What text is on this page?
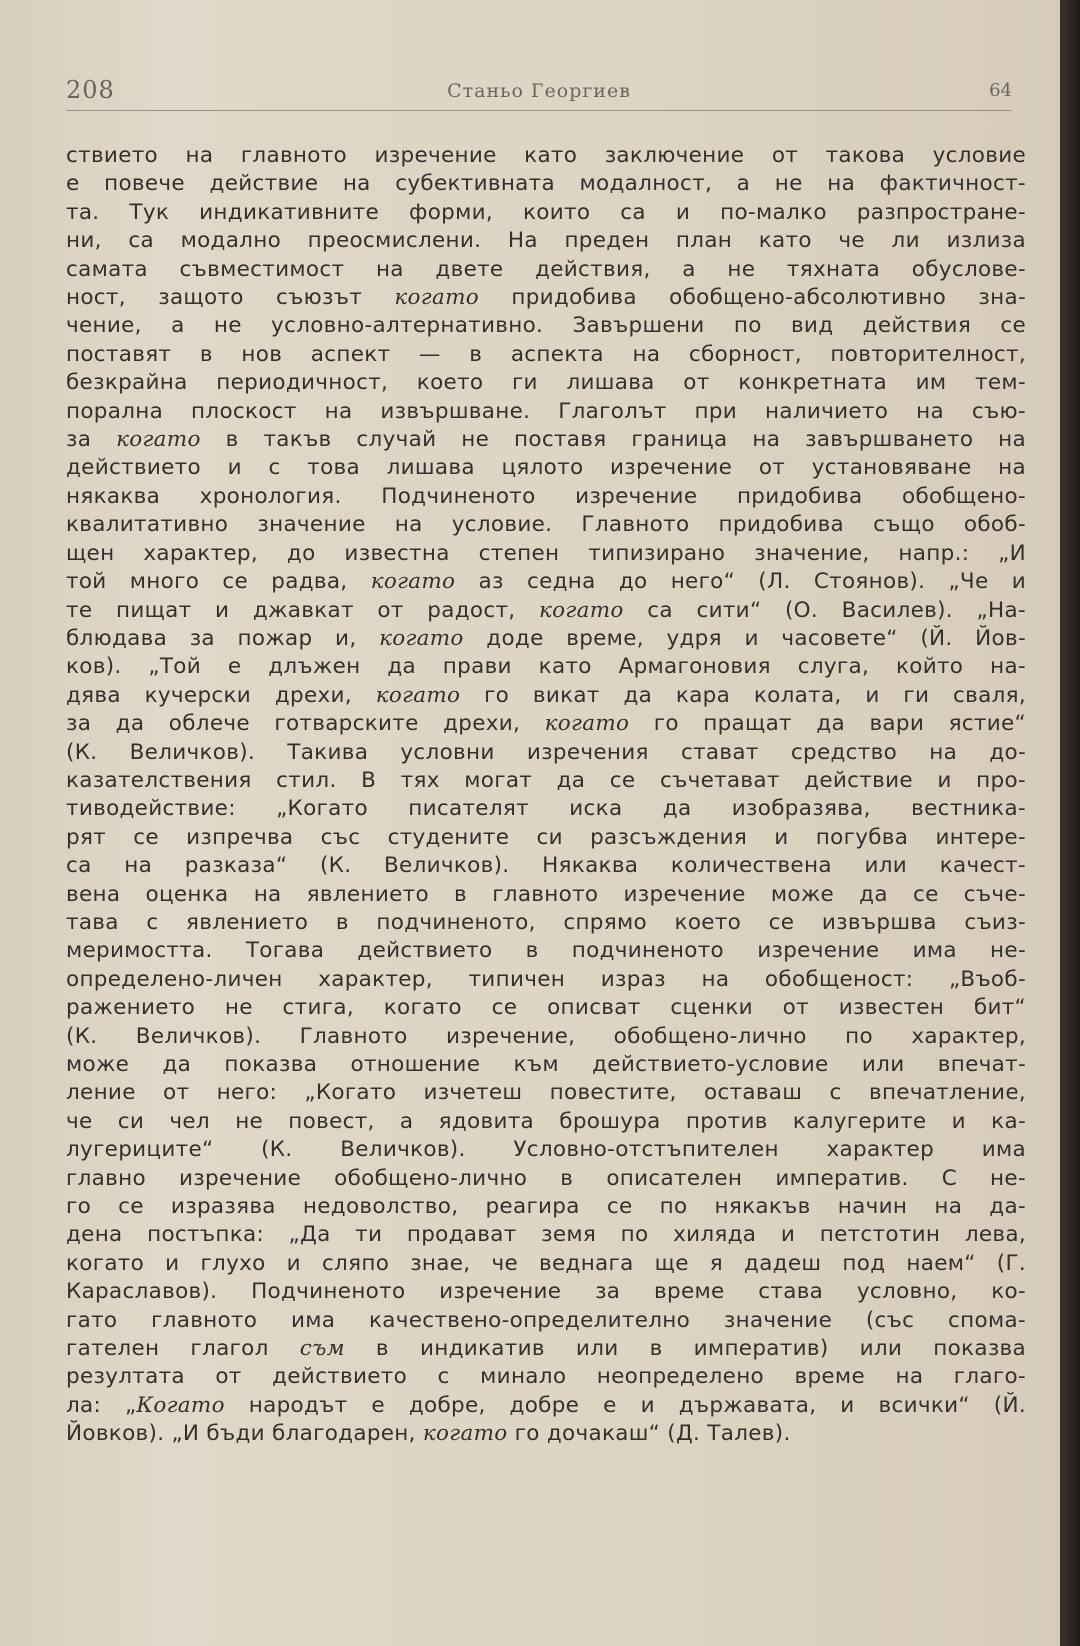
208	Станьо Георгиев	64
ствието на главното изречение като заключение от такова условие
е повече действие на субективната модалност, а не на фактичност-
та. Тук индикативните форми, които са и по-малко разпростране-
ни, са модално преосмислени. На преден план като че ли излиза
самата съвместимост на двете действия, а не тяхната обуслове-
ност, защото съюзът когато придобива обобщено-абсолютивно зна-
чение, а не условно-алтернативно. Завършени по вид действия се
поставят в нов аспект — в аспекта на сборност, повторителност,
безкрайна периодичност, което ги лишава от конкретната им тем-
порална плоскост на извършване. Глаголът при наличието на съю-
за когато в такъв случай не поставя граница на завършването на
действието и с това лишава цялото изречение от установяване на
някаква хронология. Подчиненото изречение придобива обобщено-
квалитативно значение на условие. Главното придобива също обоб-
щен характер, до известна степен типизирано значение, напр.: „И
той много се радва, когато аз седна до него“ (Л. Стоянов). „Че и
те пищат и джавкат от радост, когато са сити“ (О. Василев). „На-
блюдава за пожар и, когато доде време, удря и часовете“ (Й. Йов-
ков). „Той е длъжен да прави като Армагоновия слуга, който на-
дява кучерски дрехи, когато го викат да кара колата, и ги сваля,
за да облече готварските дрехи, когато го пращат да вари ястие“
(К. Величков). Такива условни изречения стават средство на до-
казателствения стил. В тях могат да се съчетават действие и про-
тиводействие: „Когато писателят иска да изобразява, вестникa-
рят се изпречва със студените си разсъждения и погубва интере-
са на разказа“ (К. Величков). Някаква количествена или качест-
вена оценка на явлението в главното изречение може да се съче-
тава с явлението в подчиненото, спрямо което се извършва съиз-
меримостта. Тогава действието в подчиненото изречение има не-
определено-личен характер, типичен израз на обобщеност: „Въоб-
ражението не стига, когато се описват сценки от известен бит“
(К. Величков). Главното изречение, обобщено-лично по характер,
може да показва отношение към действието-условие или впечат-
ление от него: „Когато изчетеш повестите, оставаш с впечатление,
че си чел не повест, а ядовита брошура против калугерите и ка-
лугериците“ (К. Величков). Условно-отстъпителен характер има
главно изречение обобщено-лично в описателен императив. С не-
го се изразява недоволство, реагира се по някакъв начин на да-
дена постъпка: „Да ти продават земя по хиляда и петстотин лева,
когато и глухо и сляпо знае, че веднага ще я дадеш под наем“ (Г.
Караславов). Подчиненото изречение за време става условно, ко-
гато главното има качествено-определително значение (със спома-
гателен глагол съм в индикатив или в императив) или показва
резултата от действието с минало неопределено време на глаго-
ла: „Когато народът е добре, добре е и държавата, и всички“ (Й.
Йовков). „И бъди благодарен, когато го дочакаш“ (Д. Талев).
